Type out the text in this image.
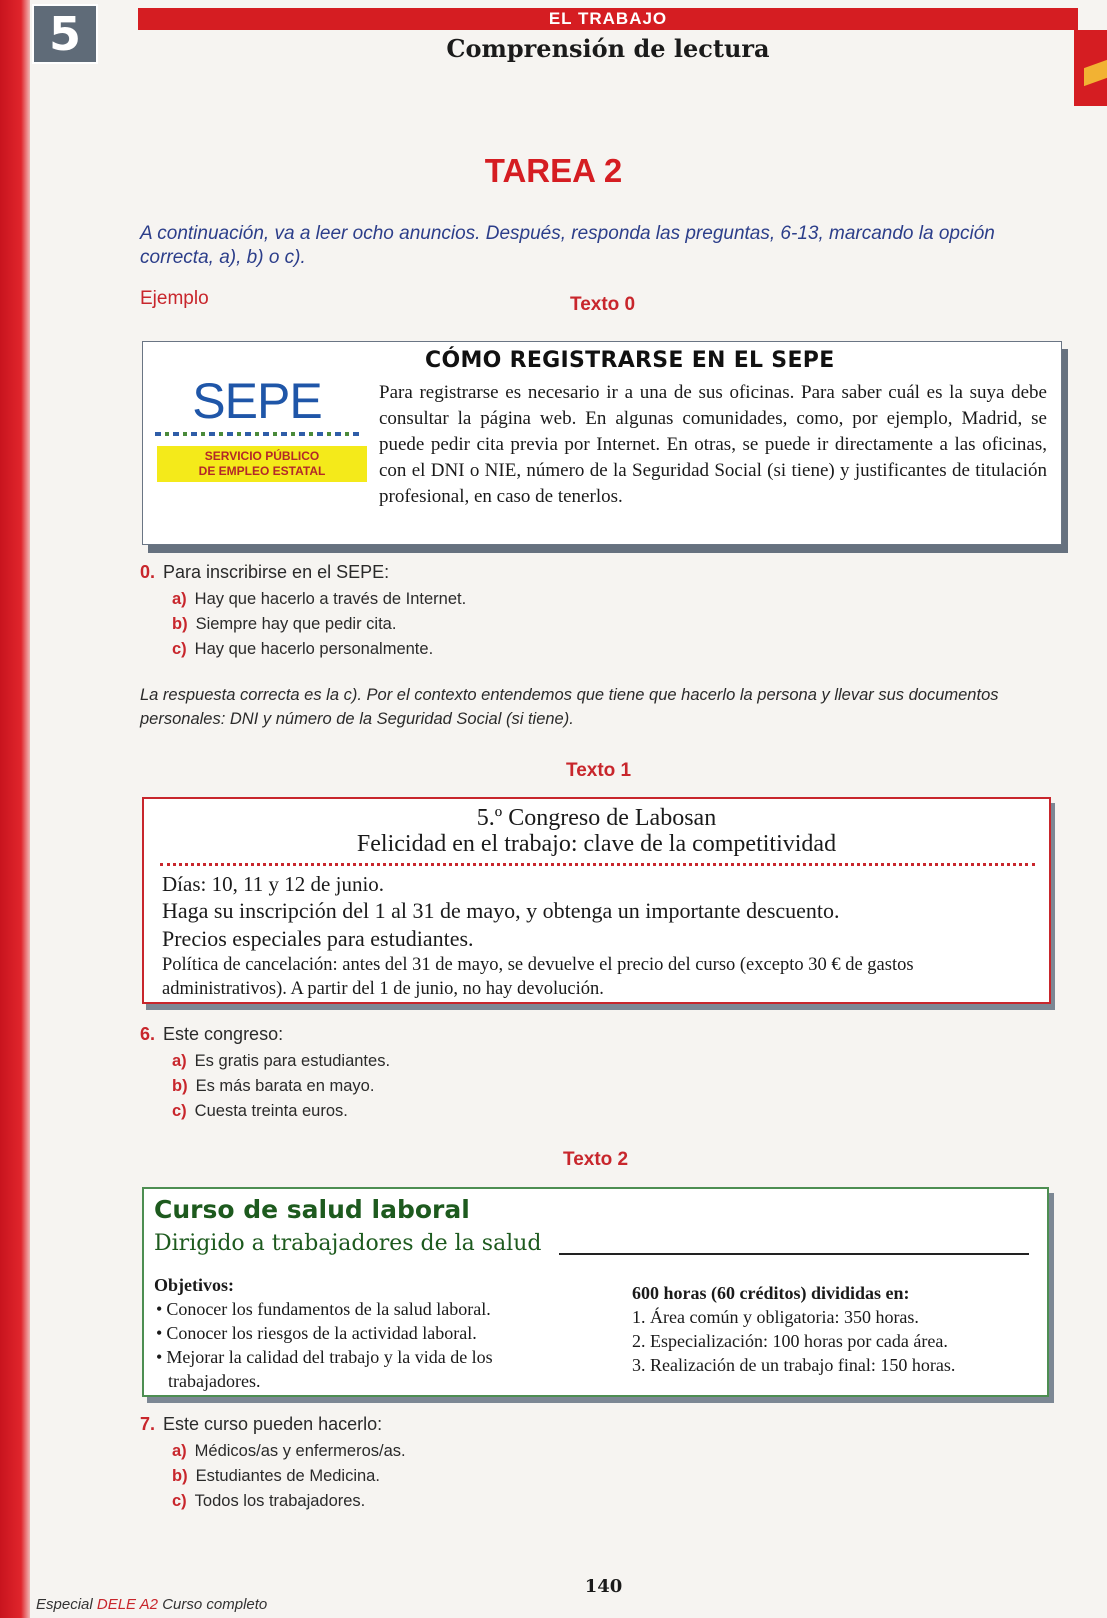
5	EL TRABAJO
Comprensión de lectura
TAREA 2
A continuación, va a leer ocho anuncios. Después, responda las preguntas, 6-13, marcando la opción correcta, a), b) o c).
Ejemplo	Texto 0
SEPE
SERVICIO PÚBLICO
DE EMPLEO ESTATAL
CÓMO REGISTRARSE EN EL SEPE
Para registrarse es necesario ir a una de sus oficinas. Para saber cuál es la suya debe consultar la página web. En algunas comunidades, como, por ejemplo, Madrid, se puede pedir cita previa por Internet. En otras, se puede ir directamente a las oficinas, con el DNI o NIE, número de la Seguridad Social (si tiene) y justificantes de titulación profesional, en caso de tenerlos.
0. Para inscribirse en el SEPE:
a) Hay que hacerlo a través de Internet.
b) Siempre hay que pedir cita.
c) Hay que hacerlo personalmente.
La respuesta correcta es la c). Por el contexto entendemos que tiene que hacerlo la persona y llevar sus documentos personales: DNI y número de la Seguridad Social (si tiene).
Texto 1
5.º Congreso de Labosan
Felicidad en el trabajo: clave de la competitividad
Días: 10, 11 y 12 de junio.
Haga su inscripción del 1 al 31 de mayo, y obtenga un importante descuento.
Precios especiales para estudiantes.
Política de cancelación: antes del 31 de mayo, se devuelve el precio del curso (excepto 30 € de gastos administrativos). A partir del 1 de junio, no hay devolución.
6. Este congreso:
a) Es gratis para estudiantes.
b) Es más barata en mayo.
c) Cuesta treinta euros.
Texto 2
Curso de salud laboral
Dirigido a trabajadores de la salud
Objetivos:
• Conocer los fundamentos de la salud laboral.
• Conocer los riesgos de la actividad laboral.
• Mejorar la calidad del trabajo y la vida de los trabajadores.
600 horas (60 créditos) divididas en:
1. Área común y obligatoria: 350 horas.
2. Especialización: 100 horas por cada área.
3. Realización de un trabajo final: 150 horas.
7. Este curso pueden hacerlo:
a) Médicos/as y enfermeros/as.
b) Estudiantes de Medicina.
c) Todos los trabajadores.
Especial DELE A2 Curso completo
140
